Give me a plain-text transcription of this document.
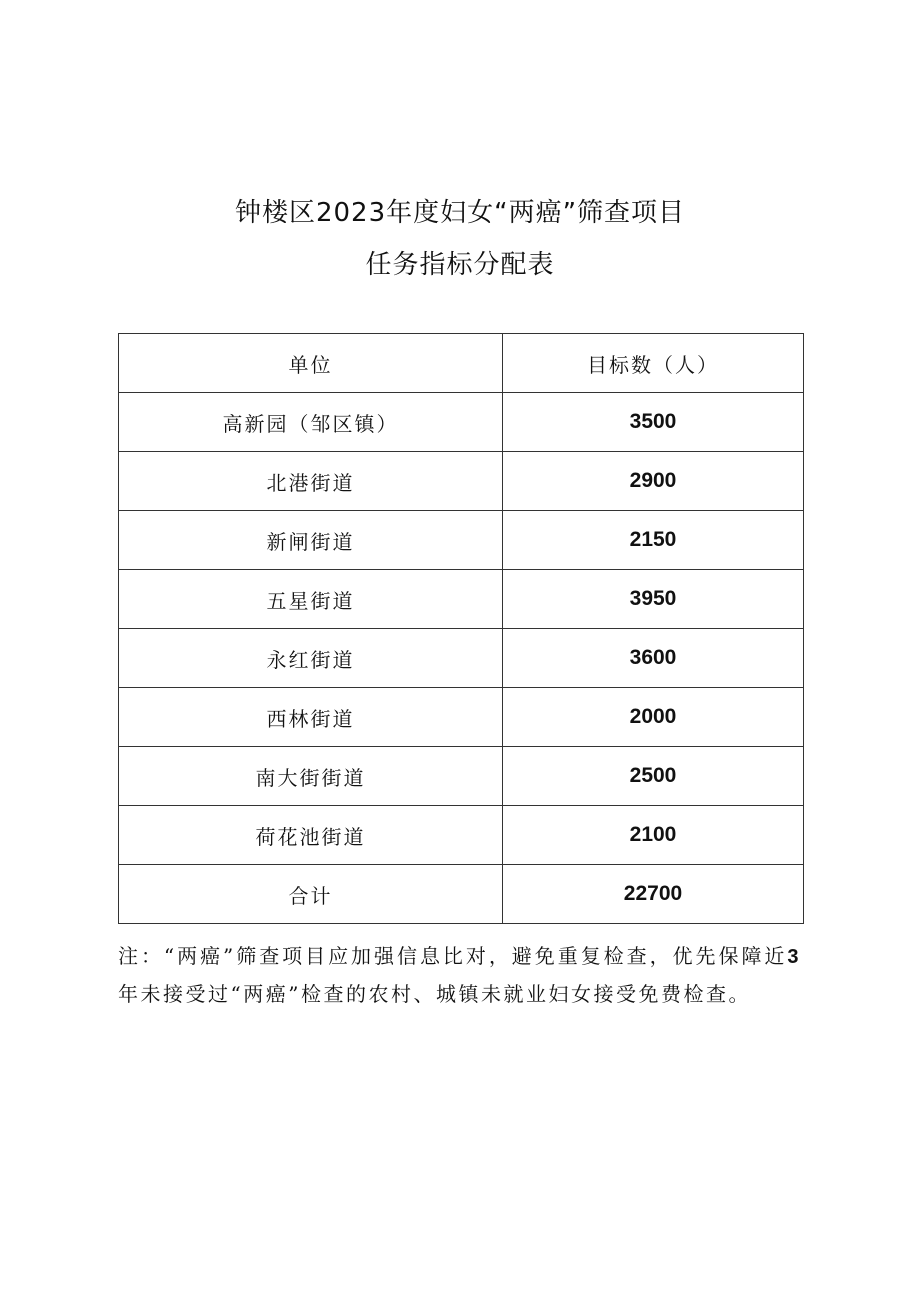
钟楼区2023年度妇女“两癌”筛查项目
任务指标分配表
单位	目标数（人）
高新园（邹区镇）	3500
北港街道	2900
新闸街道	2150
五星街道	3950
永红街道	3600
西林街道	2000
南大街街道	2500
荷花池街道	2100
合计	22700
注：“两癌”筛查项目应加强信息比对，避免重复检查，优先保障近3 年未接受过“两癌”检查的农村、城镇未就业妇女接受免费检查。
